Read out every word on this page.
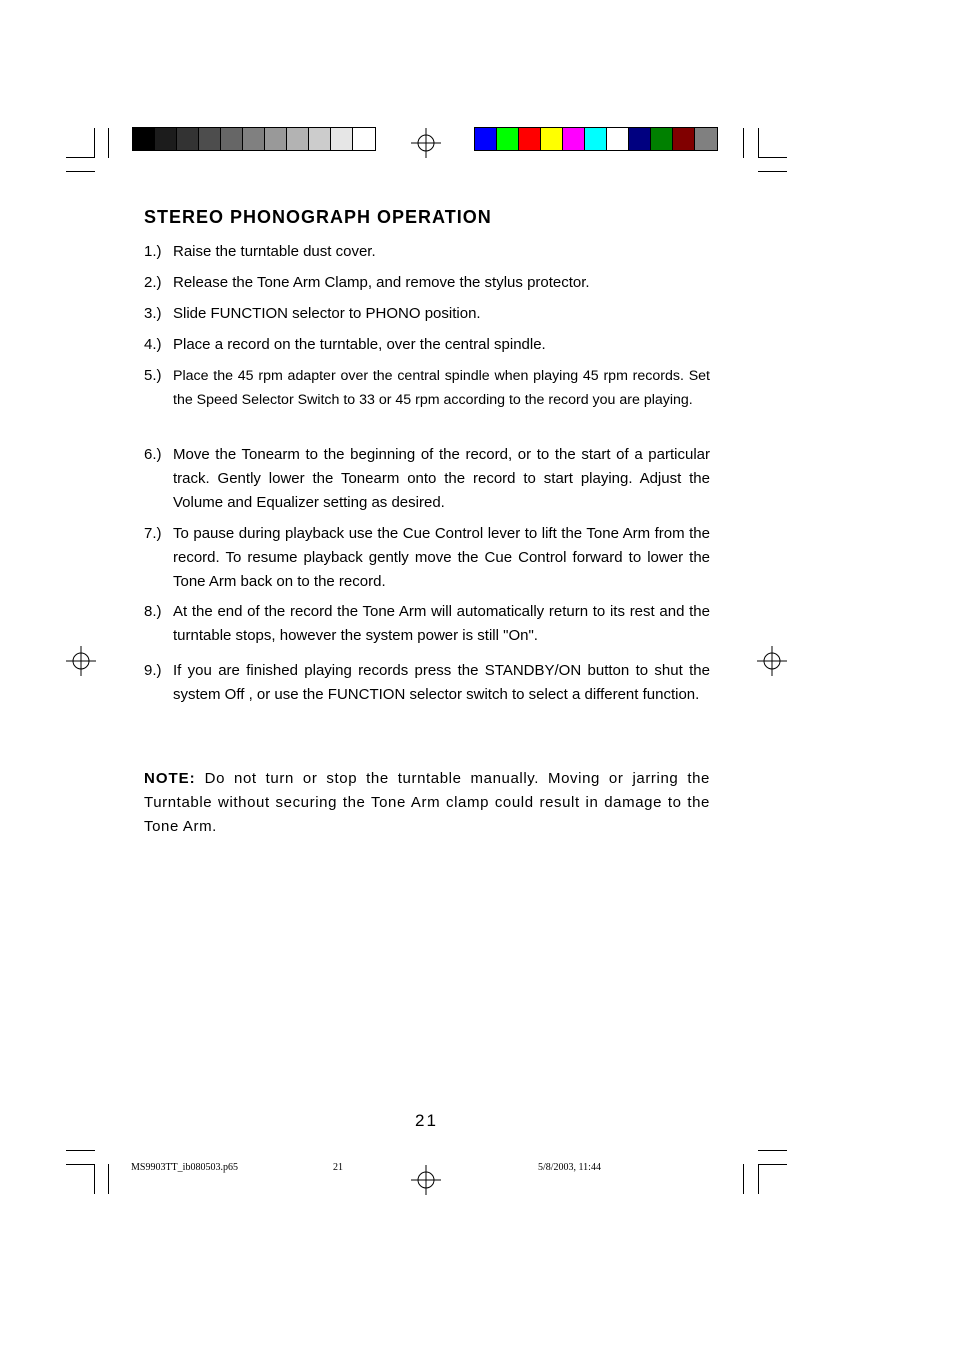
STEREO PHONOGRAPH OPERATION
1.) Raise the turntable dust cover.
2.) Release the Tone Arm Clamp, and remove the stylus protector.
3.) Slide FUNCTION selector to PHONO position.
4.) Place a record on the turntable, over the central spindle.
5.) Place the 45 rpm adapter over the central spindle when playing 45 rpm records. Set the Speed Selector Switch to 33 or 45 rpm according to the record you are playing.
6.) Move the Tonearm to the beginning of the record, or to the start of a particular track. Gently lower the Tonearm onto the record to start playing. Adjust the Volume and Equalizer setting as desired.
7.) To pause during playback use the Cue Control lever to lift the Tone Arm from the record. To resume playback gently move the Cue Control forward to lower the Tone Arm back on to the record.
8.) At the end of the record the Tone Arm will automatically return to its rest and the turntable stops, however the system power is still "On".
9.) If you are finished playing records press the STANDBY/ON button to shut the system Off , or use the FUNCTION selector switch to select a different function.
NOTE: Do not turn or stop the turntable manually. Moving or jarring the Turntable without securing the Tone Arm clamp could result in damage to the Tone Arm.
21
MS9903TT_ib080503.p65	21	5/8/2003, 11:44
